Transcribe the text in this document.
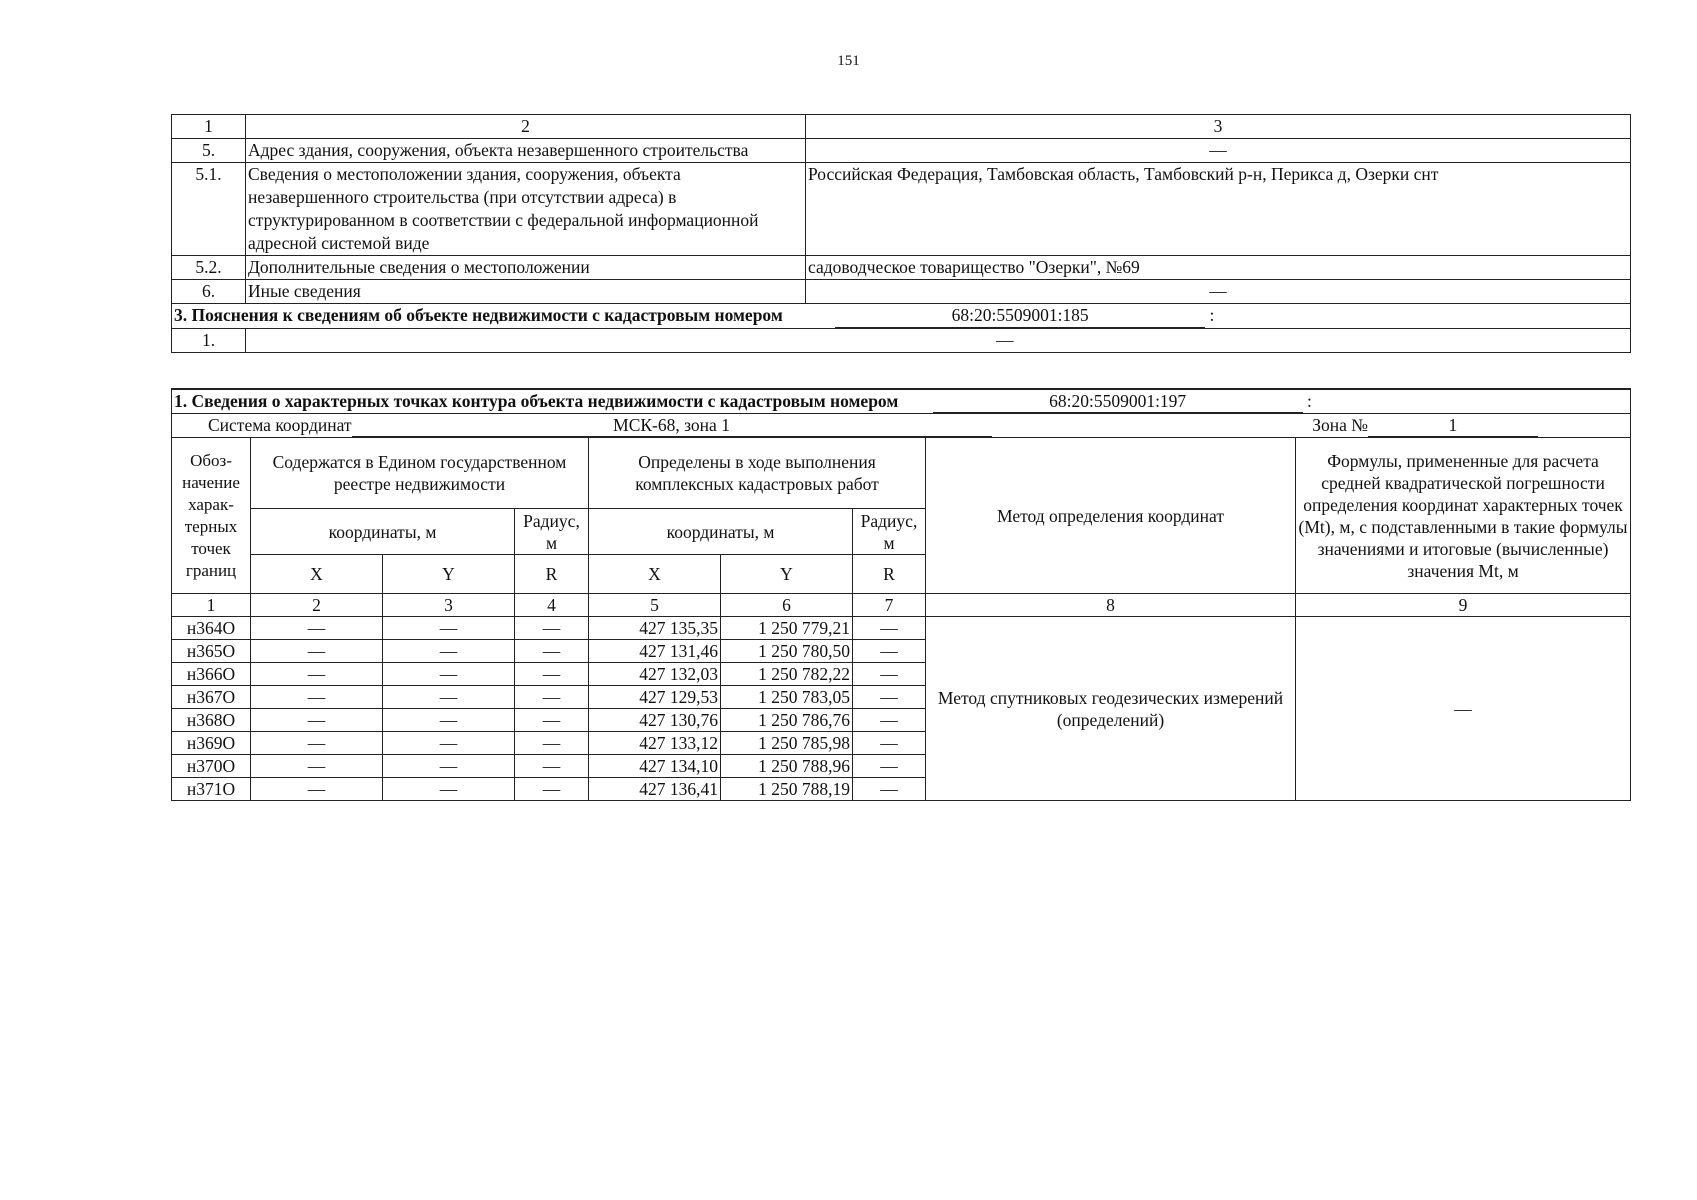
151
1	2	3
5.	Адрес здания, сооружения, объекта незавершенного строительства	—
5.1.	Сведения о местоположении здания, сооружения, объекта незавершенного строительства (при отсутствии адреса) в структурированном в соответствии с федеральной информационной адресной системой виде	Российская Федерация, Тамбовская область, Тамбовский р-н, Перикса д, Озерки снт
5.2.	Дополнительные сведения о местоположении	садоводческое товарищество "Озерки", №69
6.	Иные сведения	—
3. Пояснения к сведениям об объекте недвижимости с кадастровым номером 68:20:5509001:185 :		
1.	—	
1. Сведения о характерных точках контура объекта недвижимости с кадастровым номером 68:20:5509001:197 :								
Система координат МСК-68, зона 1 Зона № 1								
Обоз-начение харак-терных точек границ	Содержатся в Едином государственном реестре недвижимости			Определены в ходе выполнения комплексных кадастровых работ			Метод определения координат	Формулы, примененные для расчета средней квадратической погрешности определения координат характерных точек (Mt), м, с подставленными в такие формулы значениями и итоговые (вычисленные) значения Mt, м
	координаты, м		Радиус, м	координаты, м		Радиус, м		
	X	Y	R	X	Y	R		
1	2	3	4	5	6	7	8	9
н364О	—	—	—	427 135,35	1 250 779,21	—	Метод спутниковых геодезических измерений (определений)	—
н365О	—	—	—	427 131,46	1 250 780,50	—		
н366О	—	—	—	427 132,03	1 250 782,22	—		
н367О	—	—	—	427 129,53	1 250 783,05	—		
н368О	—	—	—	427 130,76	1 250 786,76	—		
н369О	—	—	—	427 133,12	1 250 785,98	—		
н370О	—	—	—	427 134,10	1 250 788,96	—		
н371О	—	—	—	427 136,41	1 250 788,19	—		
